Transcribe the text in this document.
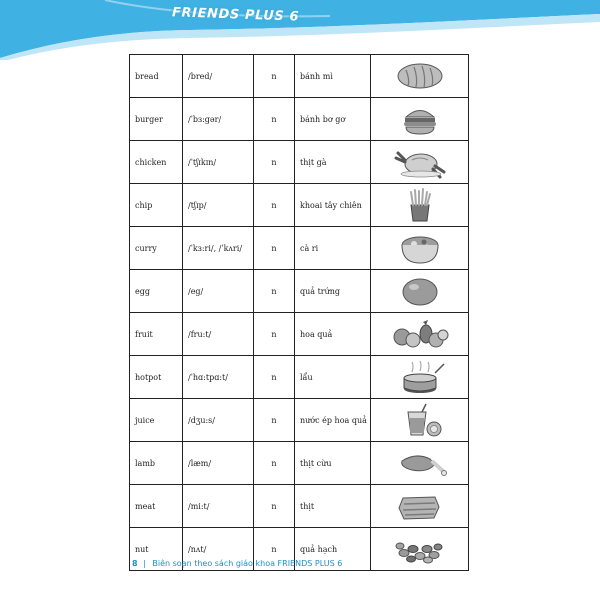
FRIENDS PLUS 6
bread	/bred/	n	bánh mì	

burger	/ˈbɜ:gər/	n	bánh bơ gơ	

chicken	/ˈtʃɪkɪn/	n	thịt gà	

chip	/tʃɪp/	n	khoai tây chiên	

curry	/ˈkɜ:ri/, /ˈkʌri/	n	cà ri	

egg	/eg/	n	quả trứng	

fruit	/fru:t/	n	hoa quả	

hotpot	/ˈhɑ:tpɑ:t/	n	lẩu	

juice	/dʒu:s/	n	nước ép hoa quả	

lamb	/læm/	n	thịt cừu	

meat	/mi:t/	n	thịt	

nut	/nʌt/	n	quả hạch	
8 | Biên soạn theo sách giáo khoa FRIENDS PLUS 6
